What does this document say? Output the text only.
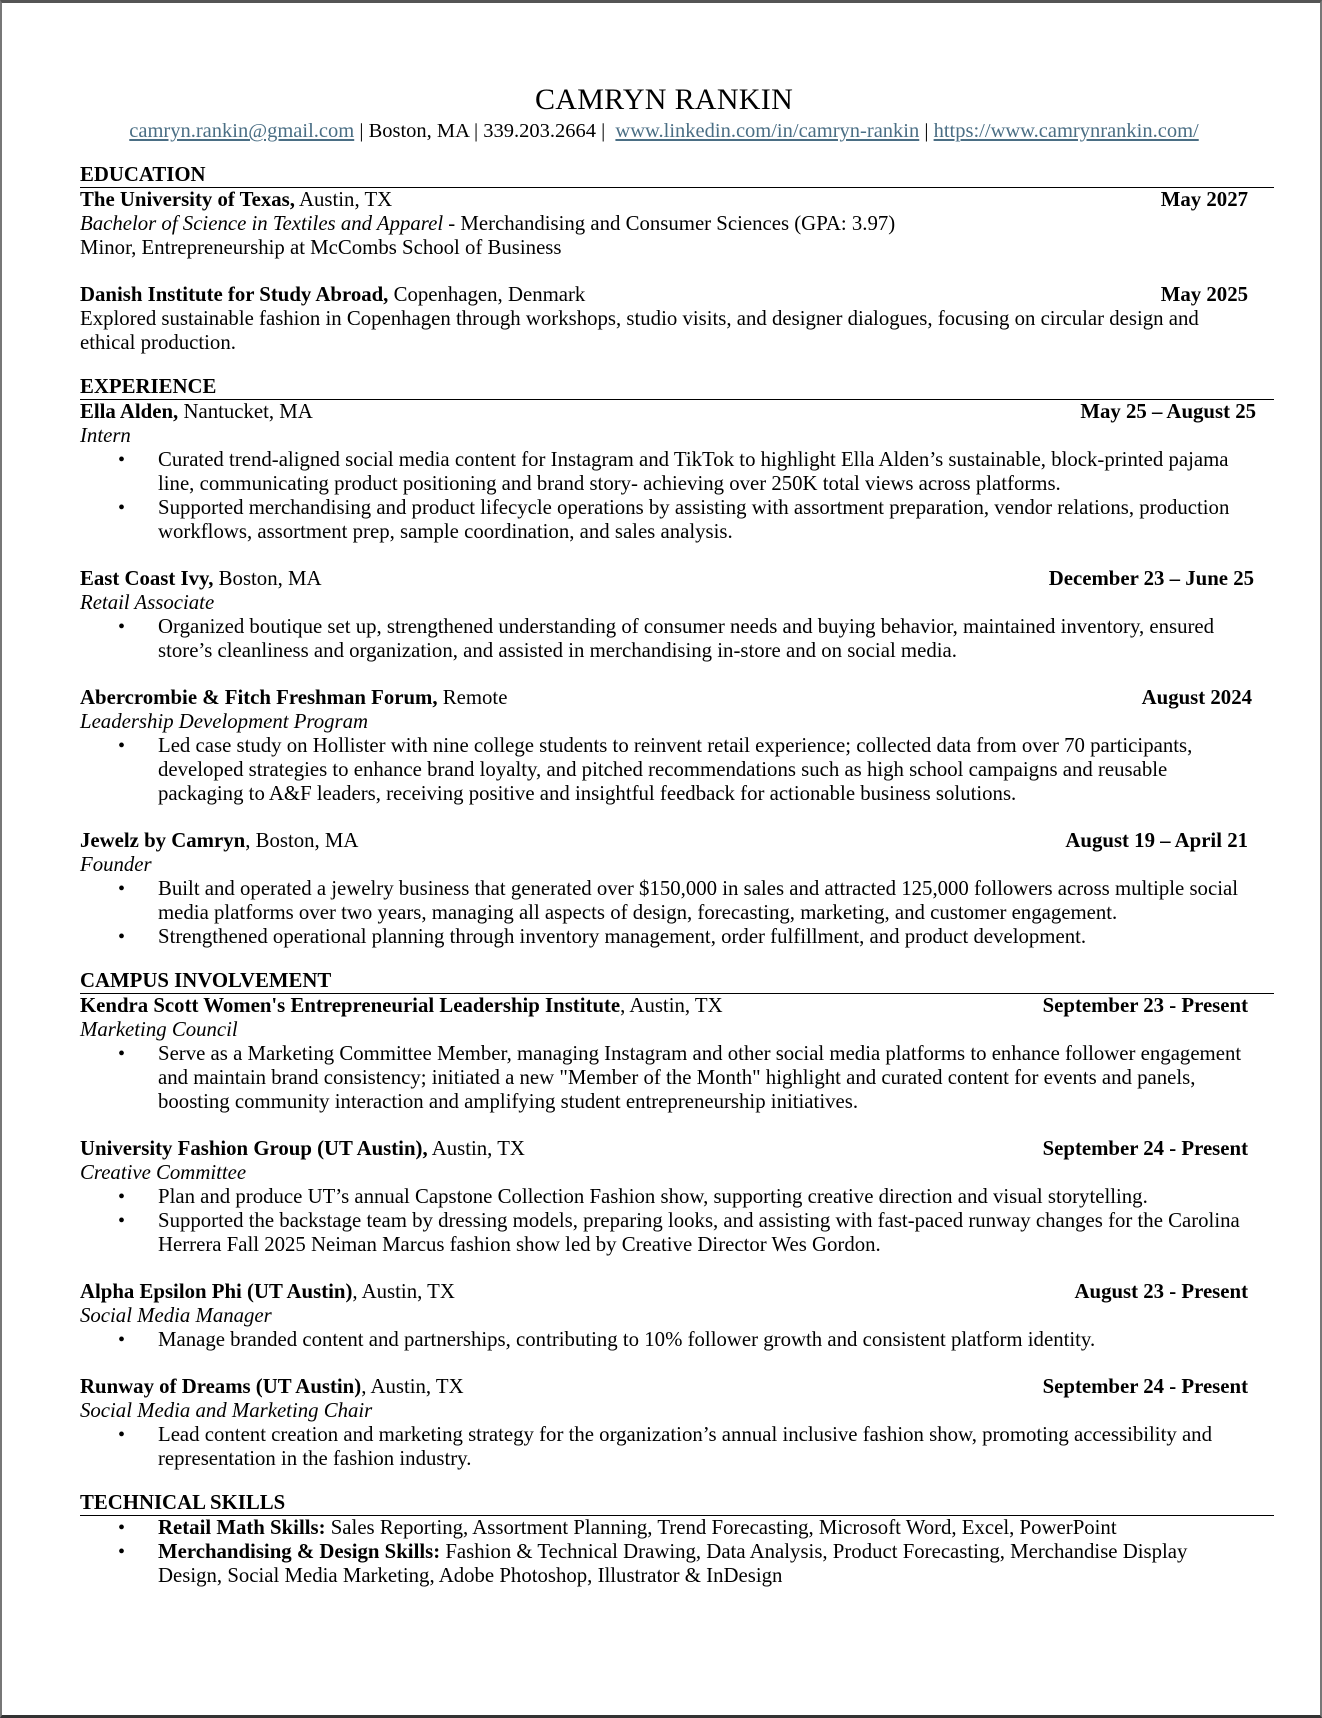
CAMRYN RANKIN
camryn.rankin@gmail.com | Boston, MA | 339.203.2664 |  www.linkedin.com/in/camryn-rankin | https://www.camrynrankin.com/
EDUCATION
The University of Texas, Austin, TX	May 2027
Bachelor of Science in Textiles and Apparel - Merchandising and Consumer Sciences (GPA: 3.97)
Minor, Entrepreneurship at McCombs School of Business
Danish Institute for Study Abroad, Copenhagen, Denmark	May 2025
Explored sustainable fashion in Copenhagen through workshops, studio visits, and designer dialogues, focusing on circular design and ethical production.
EXPERIENCE
Ella Alden, Nantucket, MA	May 25 – August 25
Intern
• Curated trend-aligned social media content for Instagram and TikTok to highlight Ella Alden’s sustainable, block-printed pajama line, communicating product positioning and brand story- achieving over 250K total views across platforms.
• Supported merchandising and product lifecycle operations by assisting with assortment preparation, vendor relations, production workflows, assortment prep, sample coordination, and sales analysis.
East Coast Ivy, Boston, MA	December 23 – June 25
Retail Associate
• Organized boutique set up, strengthened understanding of consumer needs and buying behavior, maintained inventory, ensured store’s cleanliness and organization, and assisted in merchandising in-store and on social media.
Abercrombie & Fitch Freshman Forum, Remote	August 2024
Leadership Development Program
• Led case study on Hollister with nine college students to reinvent retail experience; collected data from over 70 participants, developed strategies to enhance brand loyalty, and pitched recommendations such as high school campaigns and reusable packaging to A&F leaders, receiving positive and insightful feedback for actionable business solutions.
Jewelz by Camryn, Boston, MA	August 19 – April 21
Founder
• Built and operated a jewelry business that generated over $150,000 in sales and attracted 125,000 followers across multiple social media platforms over two years, managing all aspects of design, forecasting, marketing, and customer engagement.
• Strengthened operational planning through inventory management, order fulfillment, and product development.
CAMPUS INVOLVEMENT
Kendra Scott Women's Entrepreneurial Leadership Institute, Austin, TX	September 23 - Present
Marketing Council
• Serve as a Marketing Committee Member, managing Instagram and other social media platforms to enhance follower engagement and maintain brand consistency; initiated a new "Member of the Month" highlight and curated content for events and panels, boosting community interaction and amplifying student entrepreneurship initiatives.
University Fashion Group (UT Austin), Austin, TX	September 24 - Present
Creative Committee
• Plan and produce UT’s annual Capstone Collection Fashion show, supporting creative direction and visual storytelling.
• Supported the backstage team by dressing models, preparing looks, and assisting with fast-paced runway changes for the Carolina Herrera Fall 2025 Neiman Marcus fashion show led by Creative Director Wes Gordon.
Alpha Epsilon Phi (UT Austin), Austin, TX	August 23 - Present
Social Media Manager
• Manage branded content and partnerships, contributing to 10% follower growth and consistent platform identity.
Runway of Dreams (UT Austin), Austin, TX	September 24 - Present
Social Media and Marketing Chair
• Lead content creation and marketing strategy for the organization’s annual inclusive fashion show, promoting accessibility and representation in the fashion industry.
TECHNICAL SKILLS
• Retail Math Skills: Sales Reporting, Assortment Planning, Trend Forecasting, Microsoft Word, Excel, PowerPoint
• Merchandising & Design Skills: Fashion & Technical Drawing, Data Analysis, Product Forecasting, Merchandise Display Design, Social Media Marketing, Adobe Photoshop, Illustrator & InDesign
